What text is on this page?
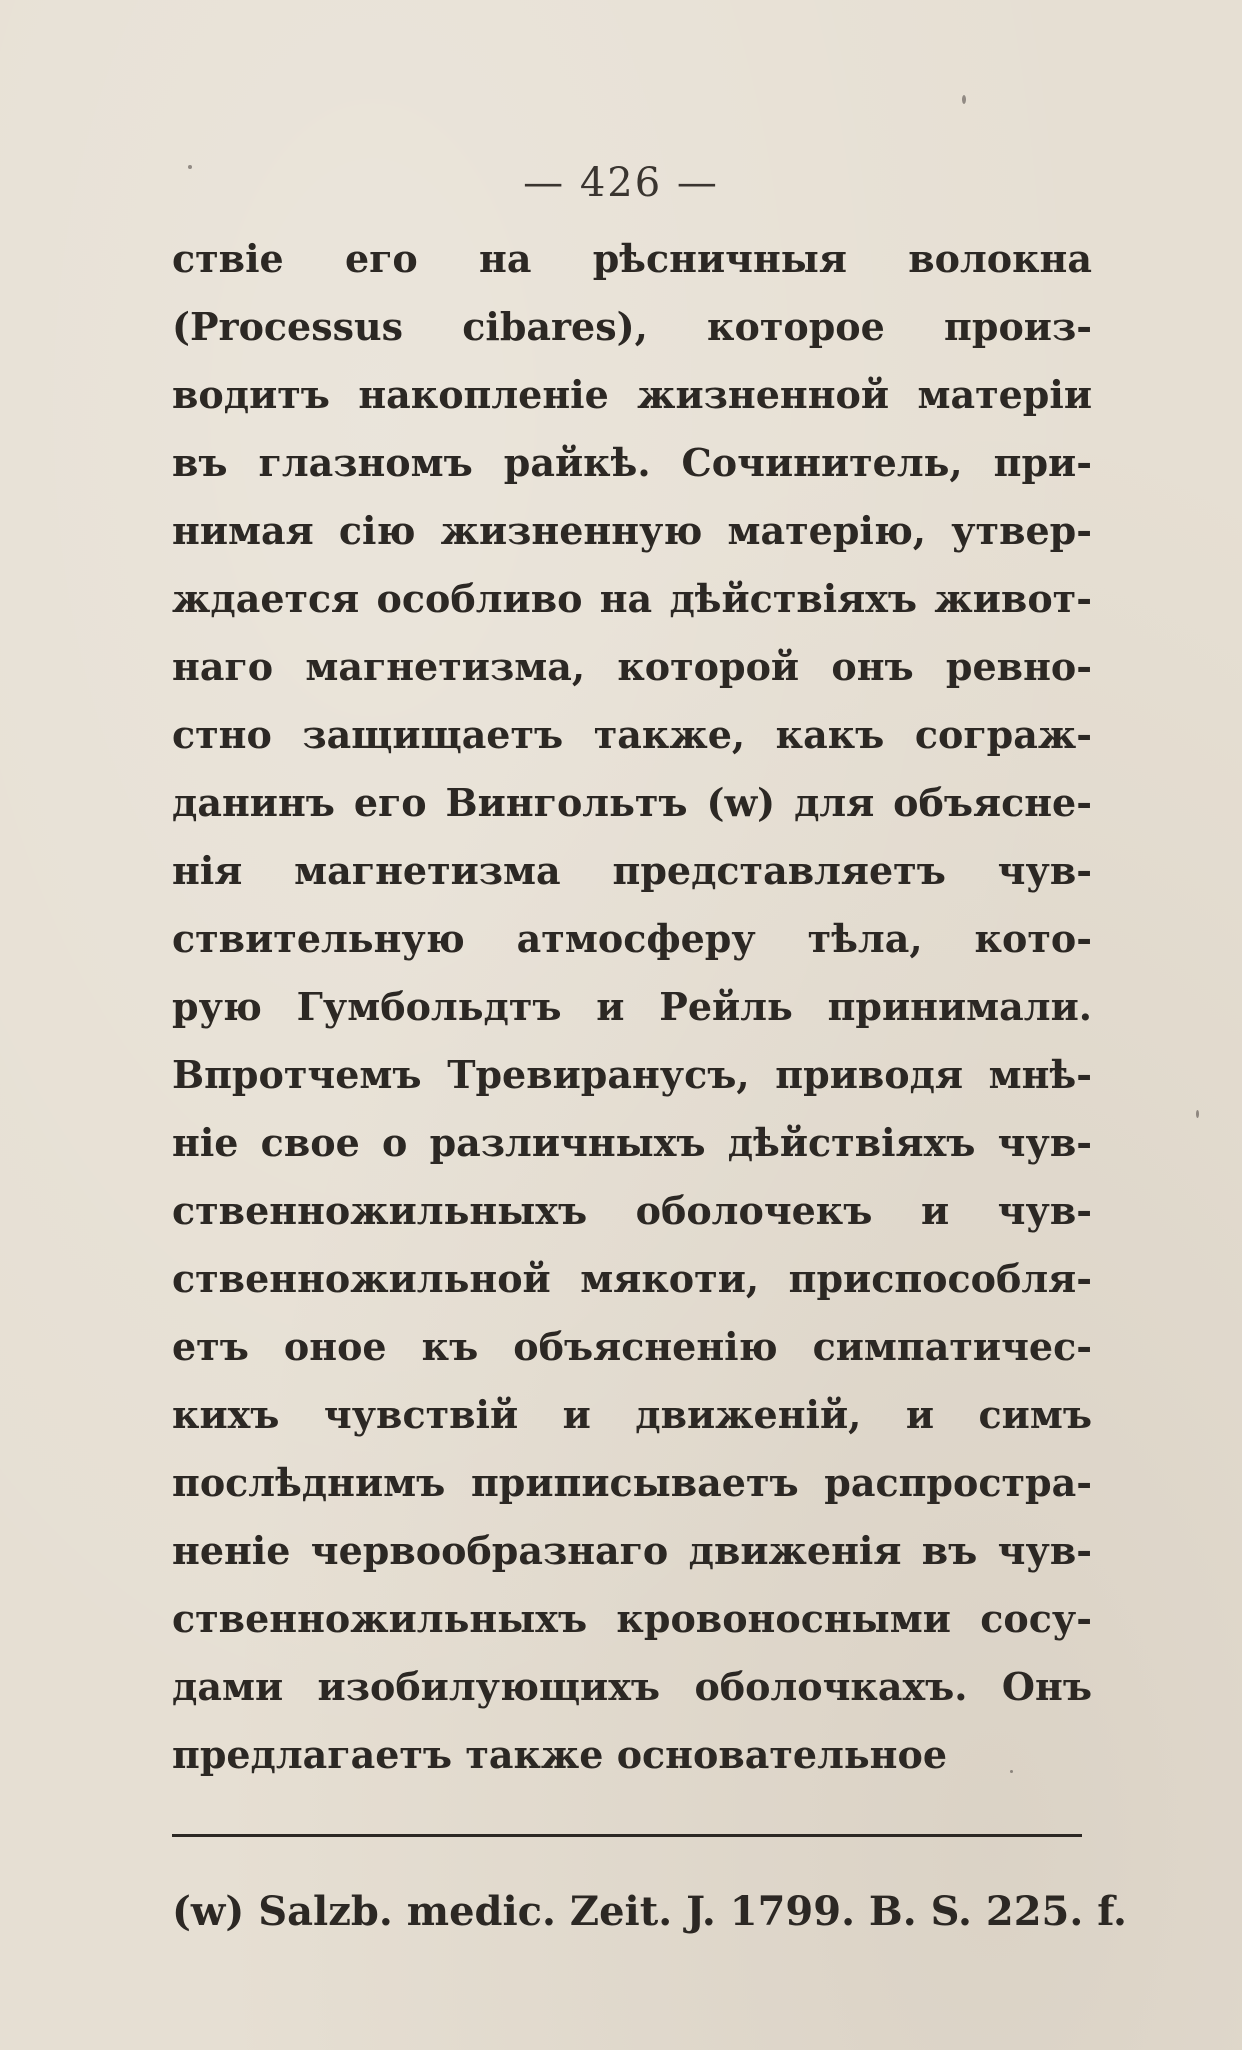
— 426 —
ствіе его на рѣсничныя волокна
(Processus cibares), которое произ-
водитъ накопленіе жизненной матеріи
въ глазномъ райкѣ. Сочинитель, при-
нимая сію жизненную матерію, утвер-
ждается особливо на дѣйствіяхъ живот-
наго магнетизма, которой онъ ревно-
стно защищаетъ также, какъ сограж-
данинъ его Вингольтъ (w) для объясне-
нія магнетизма представляетъ чув-
ствительную атмосферу тѣла, кото-
рую Гумбольдтъ и Рейль принимали.
Впротчемъ Тревиранусъ, приводя мнѣ-
ніе свое о различныхъ дѣйствіяхъ чув-
ственножильныхъ оболочекъ и чув-
ственножильной мякоти, приспособля-
етъ оное къ объясненію симпатичес-
кихъ чувствій и движеній, и симъ
послѣднимъ приписываетъ распростра-
неніе червообразнаго движенія въ чув-
ственножильныхъ кровоносными сосу-
дами изобилующихъ оболочкахъ. Онъ
предлагаетъ также основательное
(w) Salzb. medic. Zeit. J. 1799. B. S. 225. f.
